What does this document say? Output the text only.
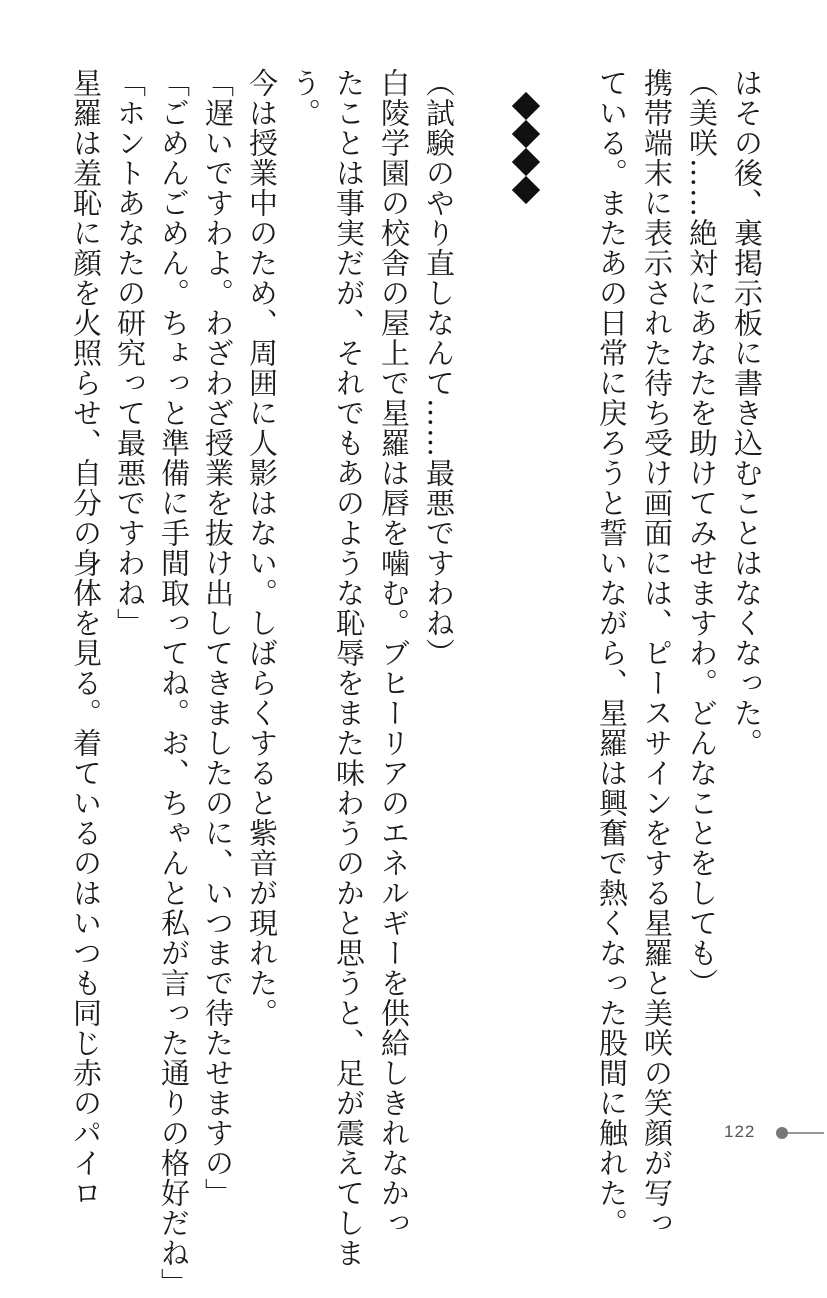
はその後、裏掲示板に書き込むことはなくなった。
（美咲……絶対にあなたを助けてみせますわ。どんなことをしても）
携帯端末に表示された待ち受け画面には、ピースサインをする星羅と美咲の笑顔が写っ
ている。またあの日常に戻ろうと誓いながら、星羅は興奮で熱くなった股間に触れた。
（試験のやり直しなんて……最悪ですわね）
白陵学園の校舎の屋上で星羅は唇を噛む。ブヒーリアのエネルギーを供給しきれなかっ
たことは事実だが、それでもあのような恥辱をまた味わうのかと思うと、足が震えてしま
う。
今は授業中のため、周囲に人影はない。しばらくすると紫音が現れた。
「遅いですわよ。わざわざ授業を抜け出してきましたのに、いつまで待たせますの」
「ごめんごめん。ちょっと準備に手間取ってね。お、ちゃんと私が言った通りの格好だね」
「ホントあなたの研究って最悪ですわね」
星羅は羞恥に顔を火照らせ、自分の身体を見る。着ているのはいつも同じ赤のパイロ	122
